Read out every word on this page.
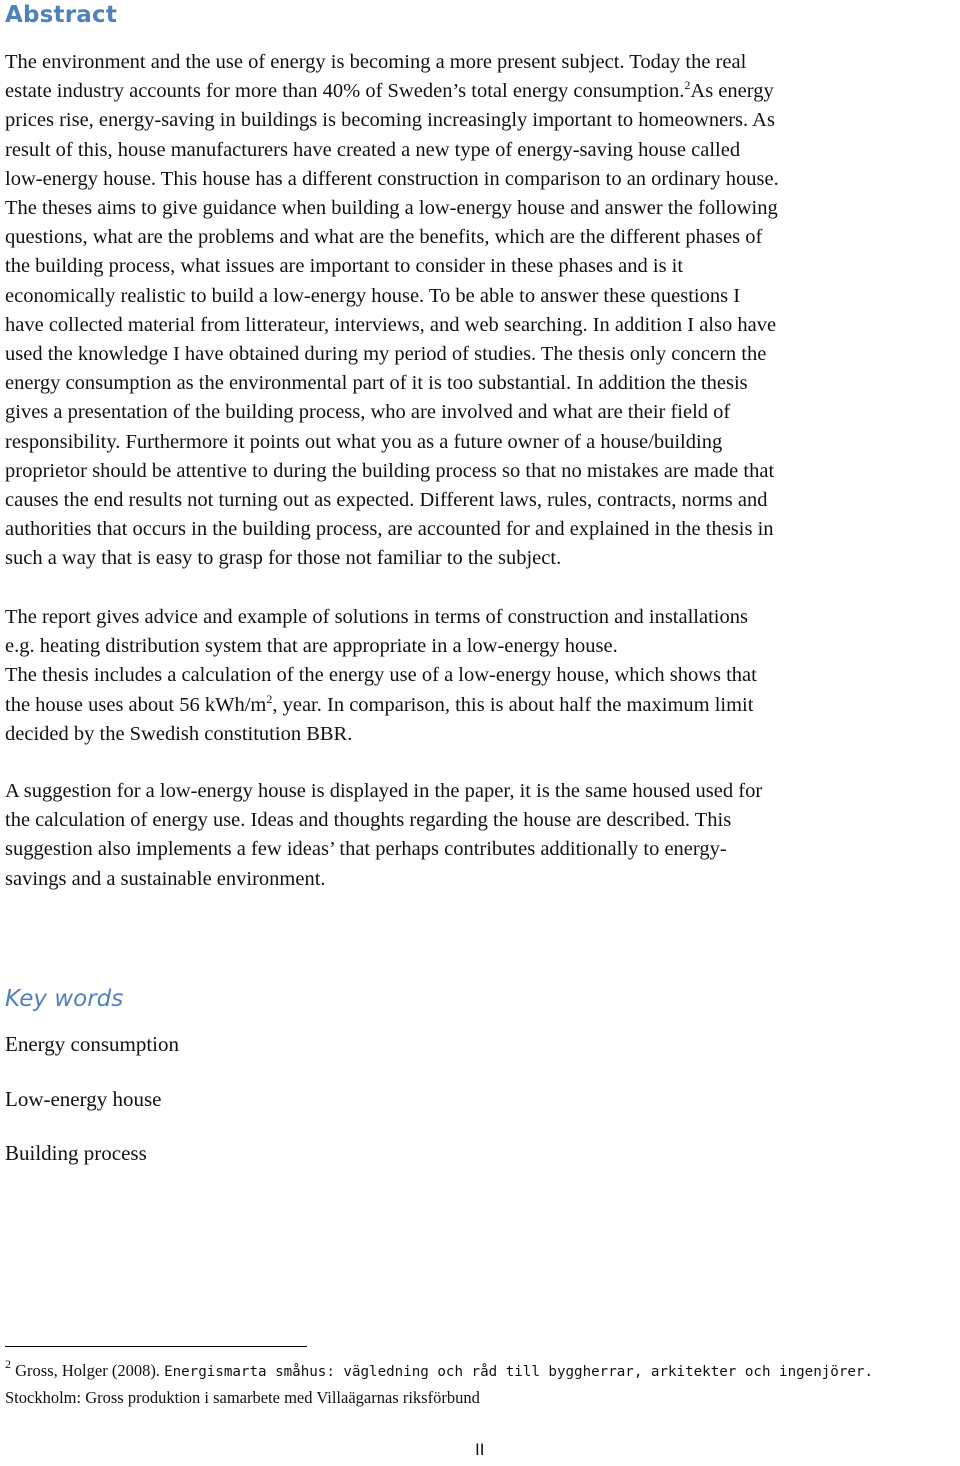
Abstract
The environment and the use of energy is becoming a more present subject. Today the real
estate industry accounts for more than 40% of Sweden’s total energy consumption.$^2$As energy
prices rise, energy-saving in buildings is becoming increasingly important to homeowners. As
result of this, house manufacturers have created a new type of energy-saving house called
low-energy house. This house has a different construction in comparison to an ordinary house.
The theses aims to give guidance when building a low-energy house and answer the following
questions, what are the problems and what are the benefits, which are the different phases of
the building process, what issues are important to consider in these phases and is it
economically realistic to build a low-energy house. To be able to answer these questions I
have collected material from litterateur, interviews, and web searching. In addition I also have
used the knowledge I have obtained during my period of studies. The thesis only concern the
energy consumption as the environmental part of it is too substantial. In addition the thesis
gives a presentation of the building process, who are involved and what are their field of
responsibility. Furthermore it points out what you as a future owner of a house/building
proprietor should be attentive to during the building process so that no mistakes are made that
causes the end results not turning out as expected. Different laws, rules, contracts, norms and
authorities that occurs in the building process, are accounted for and explained in the thesis in
such a way that is easy to grasp for those not familiar to the subject.
The report gives advice and example of solutions in terms of construction and installations
e.g. heating distribution system that are appropriate in a low-energy house.
The thesis includes a calculation of the energy use of a low-energy house, which shows that
the house uses about 56 kWh/$m^2$, year. In comparison, this is about half the maximum limit
decided by the Swedish constitution BBR.
A suggestion for a low-energy house is displayed in the paper, it is the same housed used for
the calculation of energy use. Ideas and thoughts regarding the house are described. This
suggestion also implements a few ideas’ that perhaps contributes additionally to energy-
savings and a sustainable environment.
Key words

Energy consumption

Low-energy house

Building process

$^2$ Gross, Holger (2008). Energismarta småhus: vägledning och råd till byggherrar, arkitekter och ingenjörer.
Stockholm: Gross produktion i samarbete med Villaägarnas riksförbund
II
